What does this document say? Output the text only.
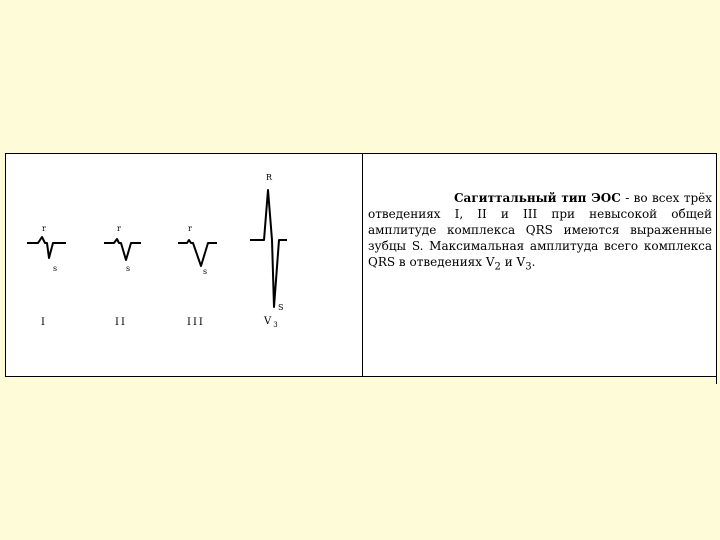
r
s
r
s
r
s
R
S
I	II	III	$V_3$

Сагиттальный тип ЭОС - во всех трёх отведениях I, II и III при невысокой общей амплитуде комплекса QRS имеются выраженные зубцы S. Максимальная амплитуда всего комплекса QRS в отведениях $V_2$ и $V_3$.
